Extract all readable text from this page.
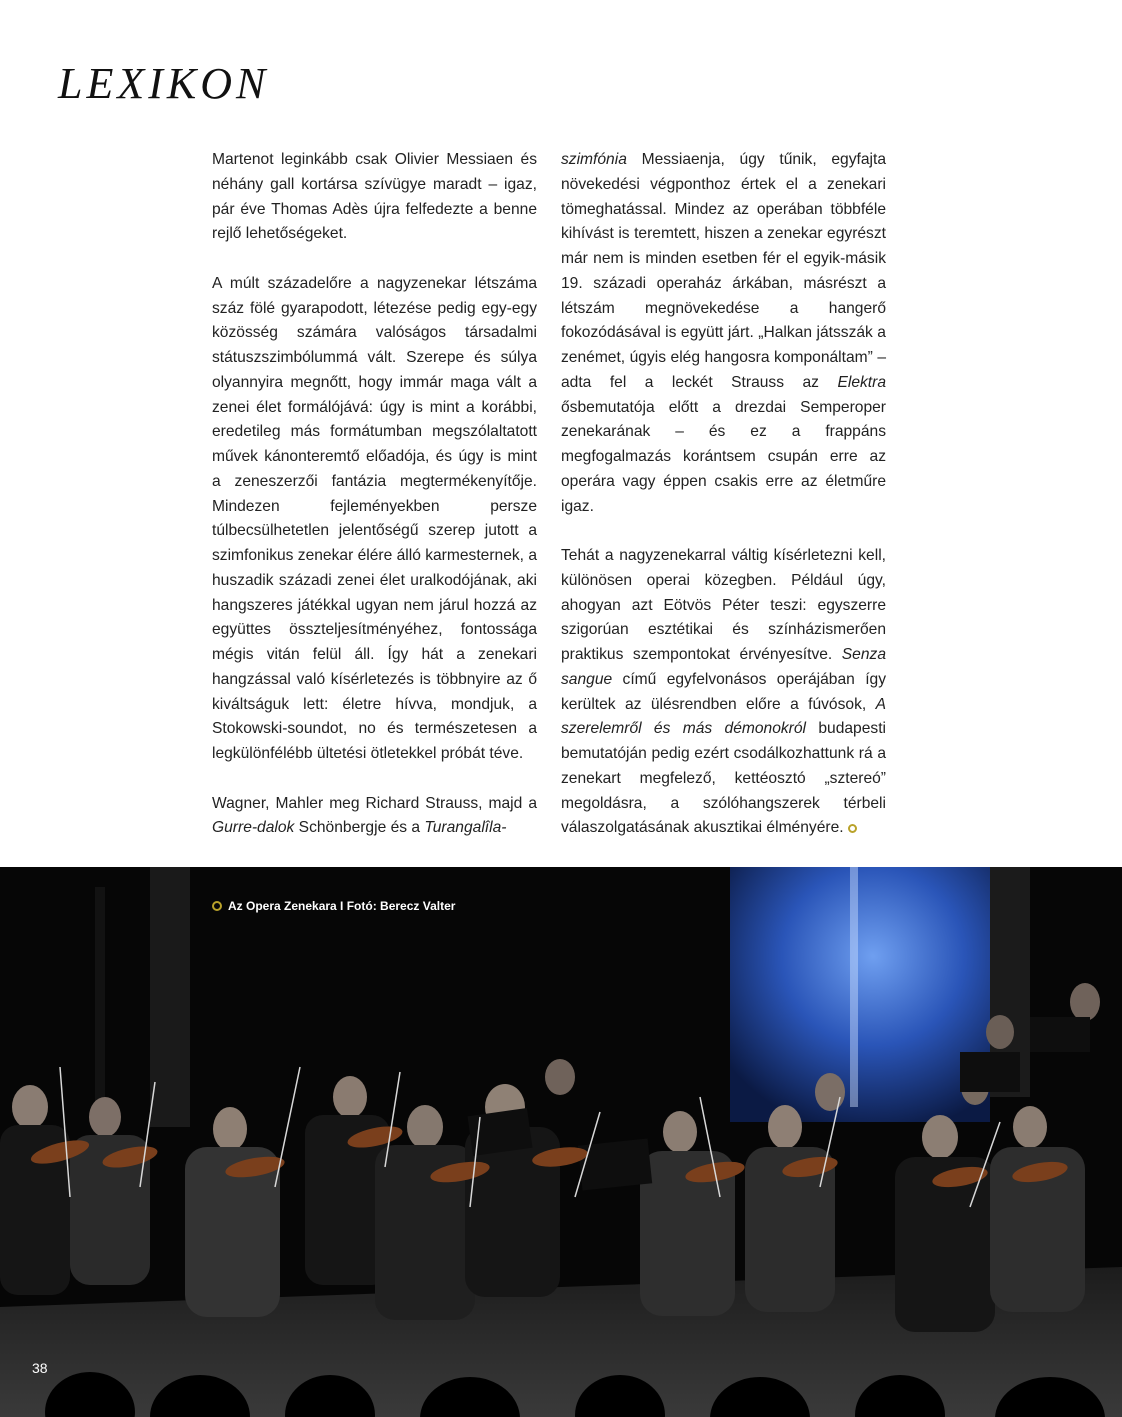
LEXIKON

Martenot leginkább csak Olivier Messiaen és néhány gall kortársa szívügye maradt – igaz, pár éve Thomas Adès újra felfedezte a benne rejlő lehetőségeket.

A múlt századelőre a nagyzenekar létszáma száz fölé gyarapodott, létezése pedig egy-egy közösség számára valóságos társadalmi státuszszimbólummá vált. Szerepe és súlya olyannyira megnőtt, hogy immár maga vált a zenei élet formálójává: úgy is mint a korábbi, eredetileg más formátumban megszólaltatott művek kánonteremtő előadója, és úgy is mint a zeneszerzői fantázia megtermékenyítője. Mindezen fejleményekben persze túlbecsülhetetlen jelentőségű szerep jutott a szimfonikus zenekar élére álló karmesternek, a huszadik századi zenei élet uralkodójának, aki hangszeres játékkal ugyan nem járul hozzá az együttes összteljesítményéhez, fontossága mégis vitán felül áll. Így hát a zenekari hangzással való kísérletezés is többnyire az ő kiváltságuk lett: életre hívva, mondjuk, a Stokowski-soundot, no és természetesen a legkülönfélébb ültetési ötletekkel próbát téve.

Wagner, Mahler meg Richard Strauss, majd a Gurre-dalok Schönbergje és a Turangalîla-

szimfónia Messiaenja, úgy tűnik, egyfajta növekedési végponthoz értek el a zenekari tömeghatással. Mindez az operában többféle kihívást is teremtett, hiszen a zenekar egyrészt már nem is minden esetben fér el egyik-másik 19. századi operaház árkában, másrészt a létszám megnövekedése a hangerő fokozódásával is együtt járt. „Halkan játsszák a zenémet, úgyis elég hangosra komponáltam” – adta fel a leckét Strauss az Elektra ősbemutatója előtt a drezdai Semperoper zenekarának – és ez a frappáns megfogalmazás korántsem csupán erre az operára vagy éppen csakis erre az életműre igaz.

Tehát a nagyzenekarral váltig kísérletezni kell, különösen operai közegben. Például úgy, ahogyan azt Eötvös Péter teszi: egyszerre szigorúan esztétikai és színházismerően praktikus szempontokat érvényesítve. Senza sangue című egyfelvonásos operájában így kerültek az ülésrendben előre a fúvósok, A szerelemről és más démonokról budapesti bemutatóján pedig ezért csodálkozhattunk rá a zenekart megfelező, kettéosztó „sztereó” megoldásra, a szólóhangszerek térbeli válaszolgatásának akusztikai élményére.

Az Opera Zenekara I Fotó: Berecz Valter
38
